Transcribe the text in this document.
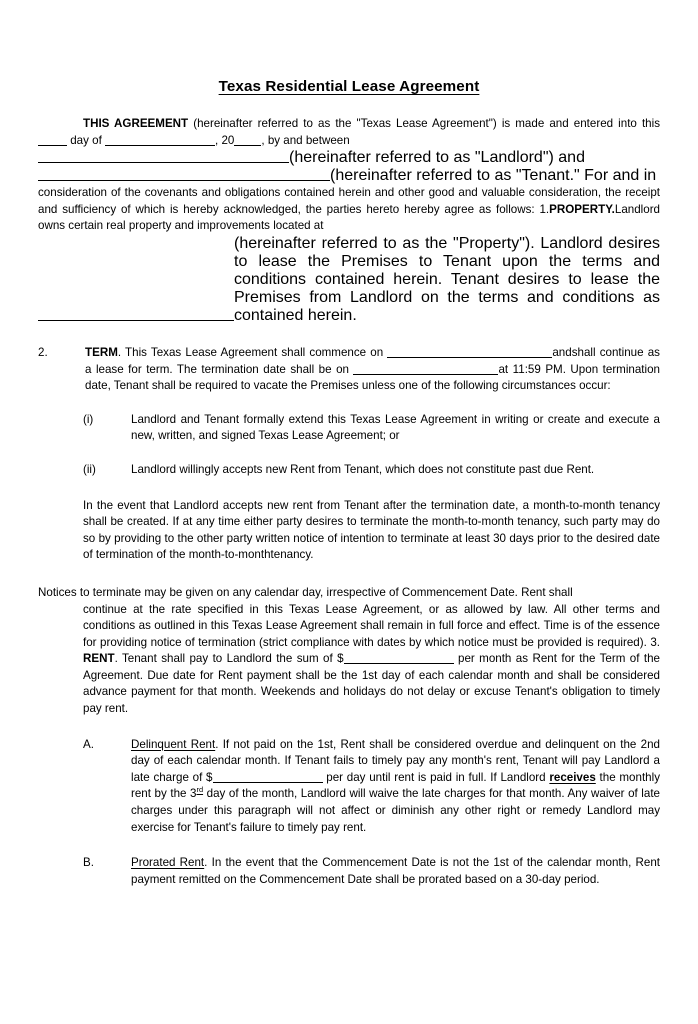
Texas Residential Lease Agreement
THIS AGREEMENT (hereinafter referred to as the "Texas Lease Agreement") is made and entered into this  day of	, 20 , by and between
(hereinafter referred to as "Landlord") and
(hereinafter referred to as "Tenant." For and in
consideration of the covenants and obligations contained herein and other good and valuable consideration, the receipt and sufficiency of which is hereby acknowledged, the parties hereto hereby agree as follows: 1.PROPERTY.Landlord owns certain real property and improvements located at
(hereinafter referred to as the "Property"). Landlord desires to lease the Premises to Tenant upon the terms and conditions contained herein. Tenant desires to lease the Premises from Landlord on the terms and conditions as contained herein.
2.	TERM. This Texas Lease Agreement shall commence on	andshall continue as a lease for term. The termination date shall be on	at 11:59 PM. Upon termination date, Tenant shall be required to vacate the Premises unless one of the following circumstances occur:
(i)	Landlord and Tenant formally extend this Texas Lease Agreement in writing or create and execute a new, written, and signed Texas Lease Agreement; or
(ii)	Landlord willingly accepts new Rent from Tenant, which does not constitute past due Rent.
In the event that Landlord accepts new rent from Tenant after the termination date, a month-to-month tenancy shall be created. If at any time either party desires to terminate the month-to-month tenancy, such party may do so by providing to the other party written notice of intention to terminate at least 30 days prior to the desired date of termination of the month-to-monthtenancy.
Notices to terminate may be given on any calendar day, irrespective of Commencement Date. Rent shall
continue at the rate specified in this Texas Lease Agreement, or as allowed by law. All other terms and conditions as outlined in this Texas Lease Agreement shall remain in full force and effect. Time is of the essence for providing notice of termination (strict compliance with dates by which notice must be provided is required). 3. RENT. Tenant shall pay to Landlord the sum of $	per month as Rent for the Term of the Agreement. Due date for Rent payment shall be the 1st day of each calendar month and shall be considered advance payment for that month. Weekends and holidays do not delay or excuse Tenant's obligation to timely pay rent.
A.	Delinquent Rent. If not paid on the 1st, Rent shall be considered overdue and delinquent on the 2nd day of each calendar month. If Tenant fails to timely pay any month's rent, Tenant will pay Landlord a late charge of $	per day until rent is paid in full. If Landlord receives the monthly rent by the 3rd day of the month, Landlord will waive the late charges for that month. Any waiver of late charges under this paragraph will not affect or diminish any other right or remedy Landlord may exercise for Tenant's failure to timely pay rent.
B.	Prorated Rent. In the event that the Commencement Date is not the 1st of the calendar month, Rent payment remitted on the Commencement Date shall be prorated based on a 30-day period.
